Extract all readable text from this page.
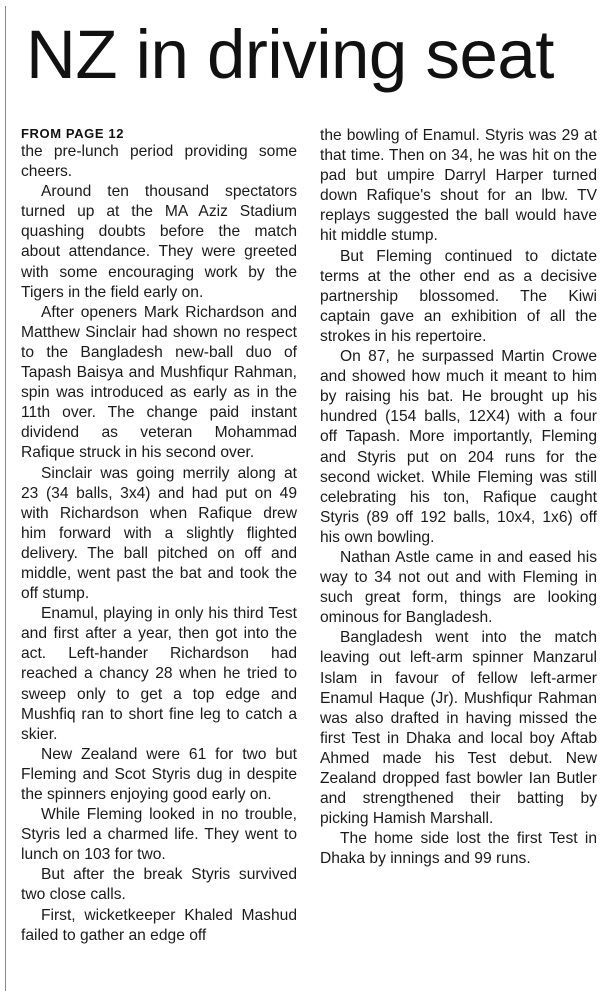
NZ in driving seat
FROM PAGE 12

the pre-lunch period providing some cheers.

Around ten thousand spectators turned up at the MA Aziz Stadium quashing doubts before the match about attendance. They were greeted with some encouraging work by the Tigers in the field early on.

After openers Mark Richardson and Matthew Sinclair had shown no respect to the Bangladesh new-ball duo of Tapash Baisya and Mushfiqur Rahman, spin was introduced as early as in the 11th over. The change paid instant dividend as veteran Mohammad Rafique struck in his second over.

Sinclair was going merrily along at 23 (34 balls, 3x4) and had put on 49 with Richardson when Rafique drew him forward with a slightly flighted delivery. The ball pitched on off and middle, went past the bat and took the off stump.

Enamul, playing in only his third Test and first after a year, then got into the act. Left-hander Richardson had reached a chancy 28 when he tried to sweep only to get a top edge and Mushfiq ran to short fine leg to catch a skier.

New Zealand were 61 for two but Fleming and Scot Styris dug in despite the spinners enjoying good early on.

While Fleming looked in no trouble, Styris led a charmed life. They went to lunch on 103 for two.

But after the break Styris survived two close calls.

First, wicketkeeper Khaled Mashud failed to gather an edge off

the bowling of Enamul. Styris was 29 at that time. Then on 34, he was hit on the pad but umpire Darryl Harper turned down Rafique's shout for an lbw. TV replays suggested the ball would have hit middle stump.

But Fleming continued to dictate terms at the other end as a decisive partnership blossomed. The Kiwi captain gave an exhibition of all the strokes in his repertoire.

On 87, he surpassed Martin Crowe and showed how much it meant to him by raising his bat. He brought up his hundred (154 balls, 12X4) with a four off Tapash. More importantly, Fleming and Styris put on 204 runs for the second wicket. While Fleming was still celebrating his ton, Rafique caught Styris (89 off 192 balls, 10x4, 1x6) off his own bowling.

Nathan Astle came in and eased his way to 34 not out and with Fleming in such great form, things are looking ominous for Bangladesh.

Bangladesh went into the match leaving out left-arm spinner Manzarul Islam in favour of fellow left-armer Enamul Haque (Jr). Mushfiqur Rahman was also drafted in having missed the first Test in Dhaka and local boy Aftab Ahmed made his Test debut. New Zealand dropped fast bowler Ian Butler and strengthened their batting by picking Hamish Marshall.

The home side lost the first Test in Dhaka by innings and 99 runs.
